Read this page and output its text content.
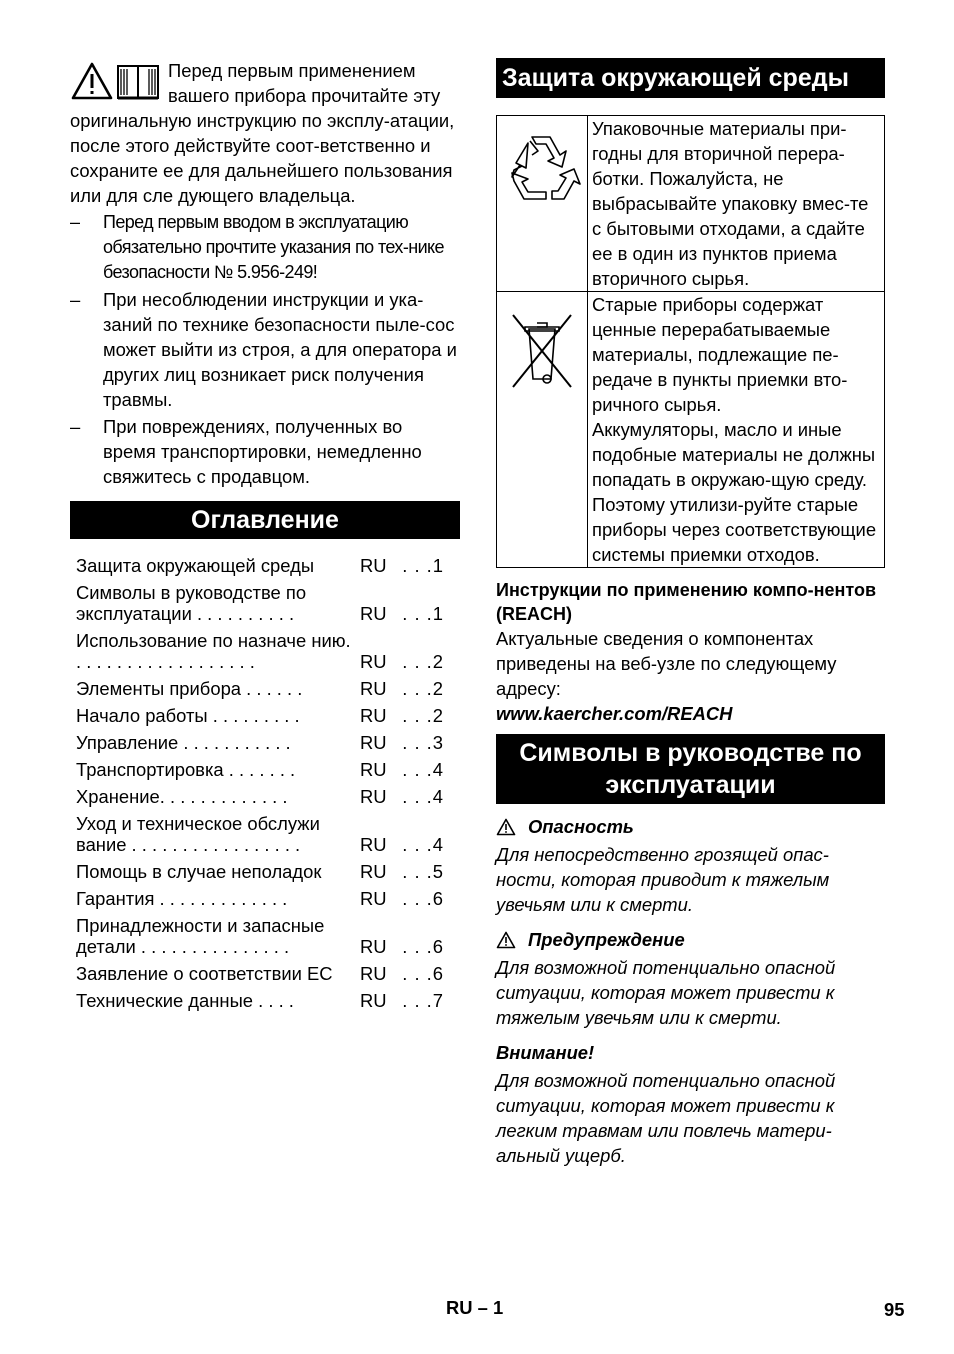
Перед первым применением вашего прибора прочитайте эту оригинальную инструкцию по эксплу-атации, после этого действуйте соот-ветственно и сохраните ее для дальнейшего пользования или для сле дующего владельца.

– Перед первым вводом в эксплуатацию обязательно прочтите указания по тех-нике безопасности № 5.956-249!
– При несоблюдении инструкции и ука-заний по технике безопасности пыле-сос может выйти из строя, а для оператора и других лиц возникает риск получения травмы.
– При повреждениях, полученных во время транспортировки, немедленно свяжитесь с продавцом.
Оглавление
Защита окружающей среды	RU . . .1
Символы в руководстве по эксплуатации . . . . . . . . . .	RU . . .1
Использование по назначе нию. . . . . . . . . . . . . . . . . . .	RU . . .2
Элементы прибора . . . . . .	RU . . .2
Начало работы . . . . . . . . .	RU . . .2
Управление . . . . . . . . . . .	RU . . .3
Транспортировка . . . . . . .	RU . . .4
Хранение. . . . . . . . . . . . .	RU . . .4
Уход и техническое обслужи вание . . . . . . . . . . . . . . . . .	RU . . .4
Помощь в случае неполадок	RU . . .5
Гарантия . . . . . . . . . . . . .	RU . . .6
Принадлежности и запасные детали . . . . . . . . . . . . . . .	RU . . .6
Заявление о соответствии ЕС	RU . . .6
Технические данные . . . .	RU . . .7
Защита окружающей среды
	Упаковочные материалы при-годны для вторичной перера-ботки. Пожалуйста, не выбрасывайте упаковку вмес-те с бытовыми отходами, а сдайте ее в один из пунктов приема вторичного сырья.

Старые приборы содержат ценные перерабатываемые материалы, подлежащие пе-редаче в пункты приемки вто-ричного сырья.
Аккумуляторы, масло и иные подобные материалы не должны попадать в окружаю-щую среду. Поэтому утилизи-руйте старые приборы через соответствующие системы приемки отходов.
Инструкции по применению компо-нентов (REACH)
Актуальные сведения о компонентах приведены на веб-узле по следующему адресу:
www.kaercher.com/REACH
Символы в руководстве по эксплуатации
Опасность
Для непосредственно грозящей опас-ности, которая приводит к тяжелым увечьям или к смерти.
Предупреждение
Для возможной потенциально опасной ситуации, которая может привести к тяжелым увечьям или к смерти.
Внимание!
Для возможной потенциально опасной ситуации, которая может привести к легким травмам или повлечь матери-альный ущерб.
RU – 1	95
